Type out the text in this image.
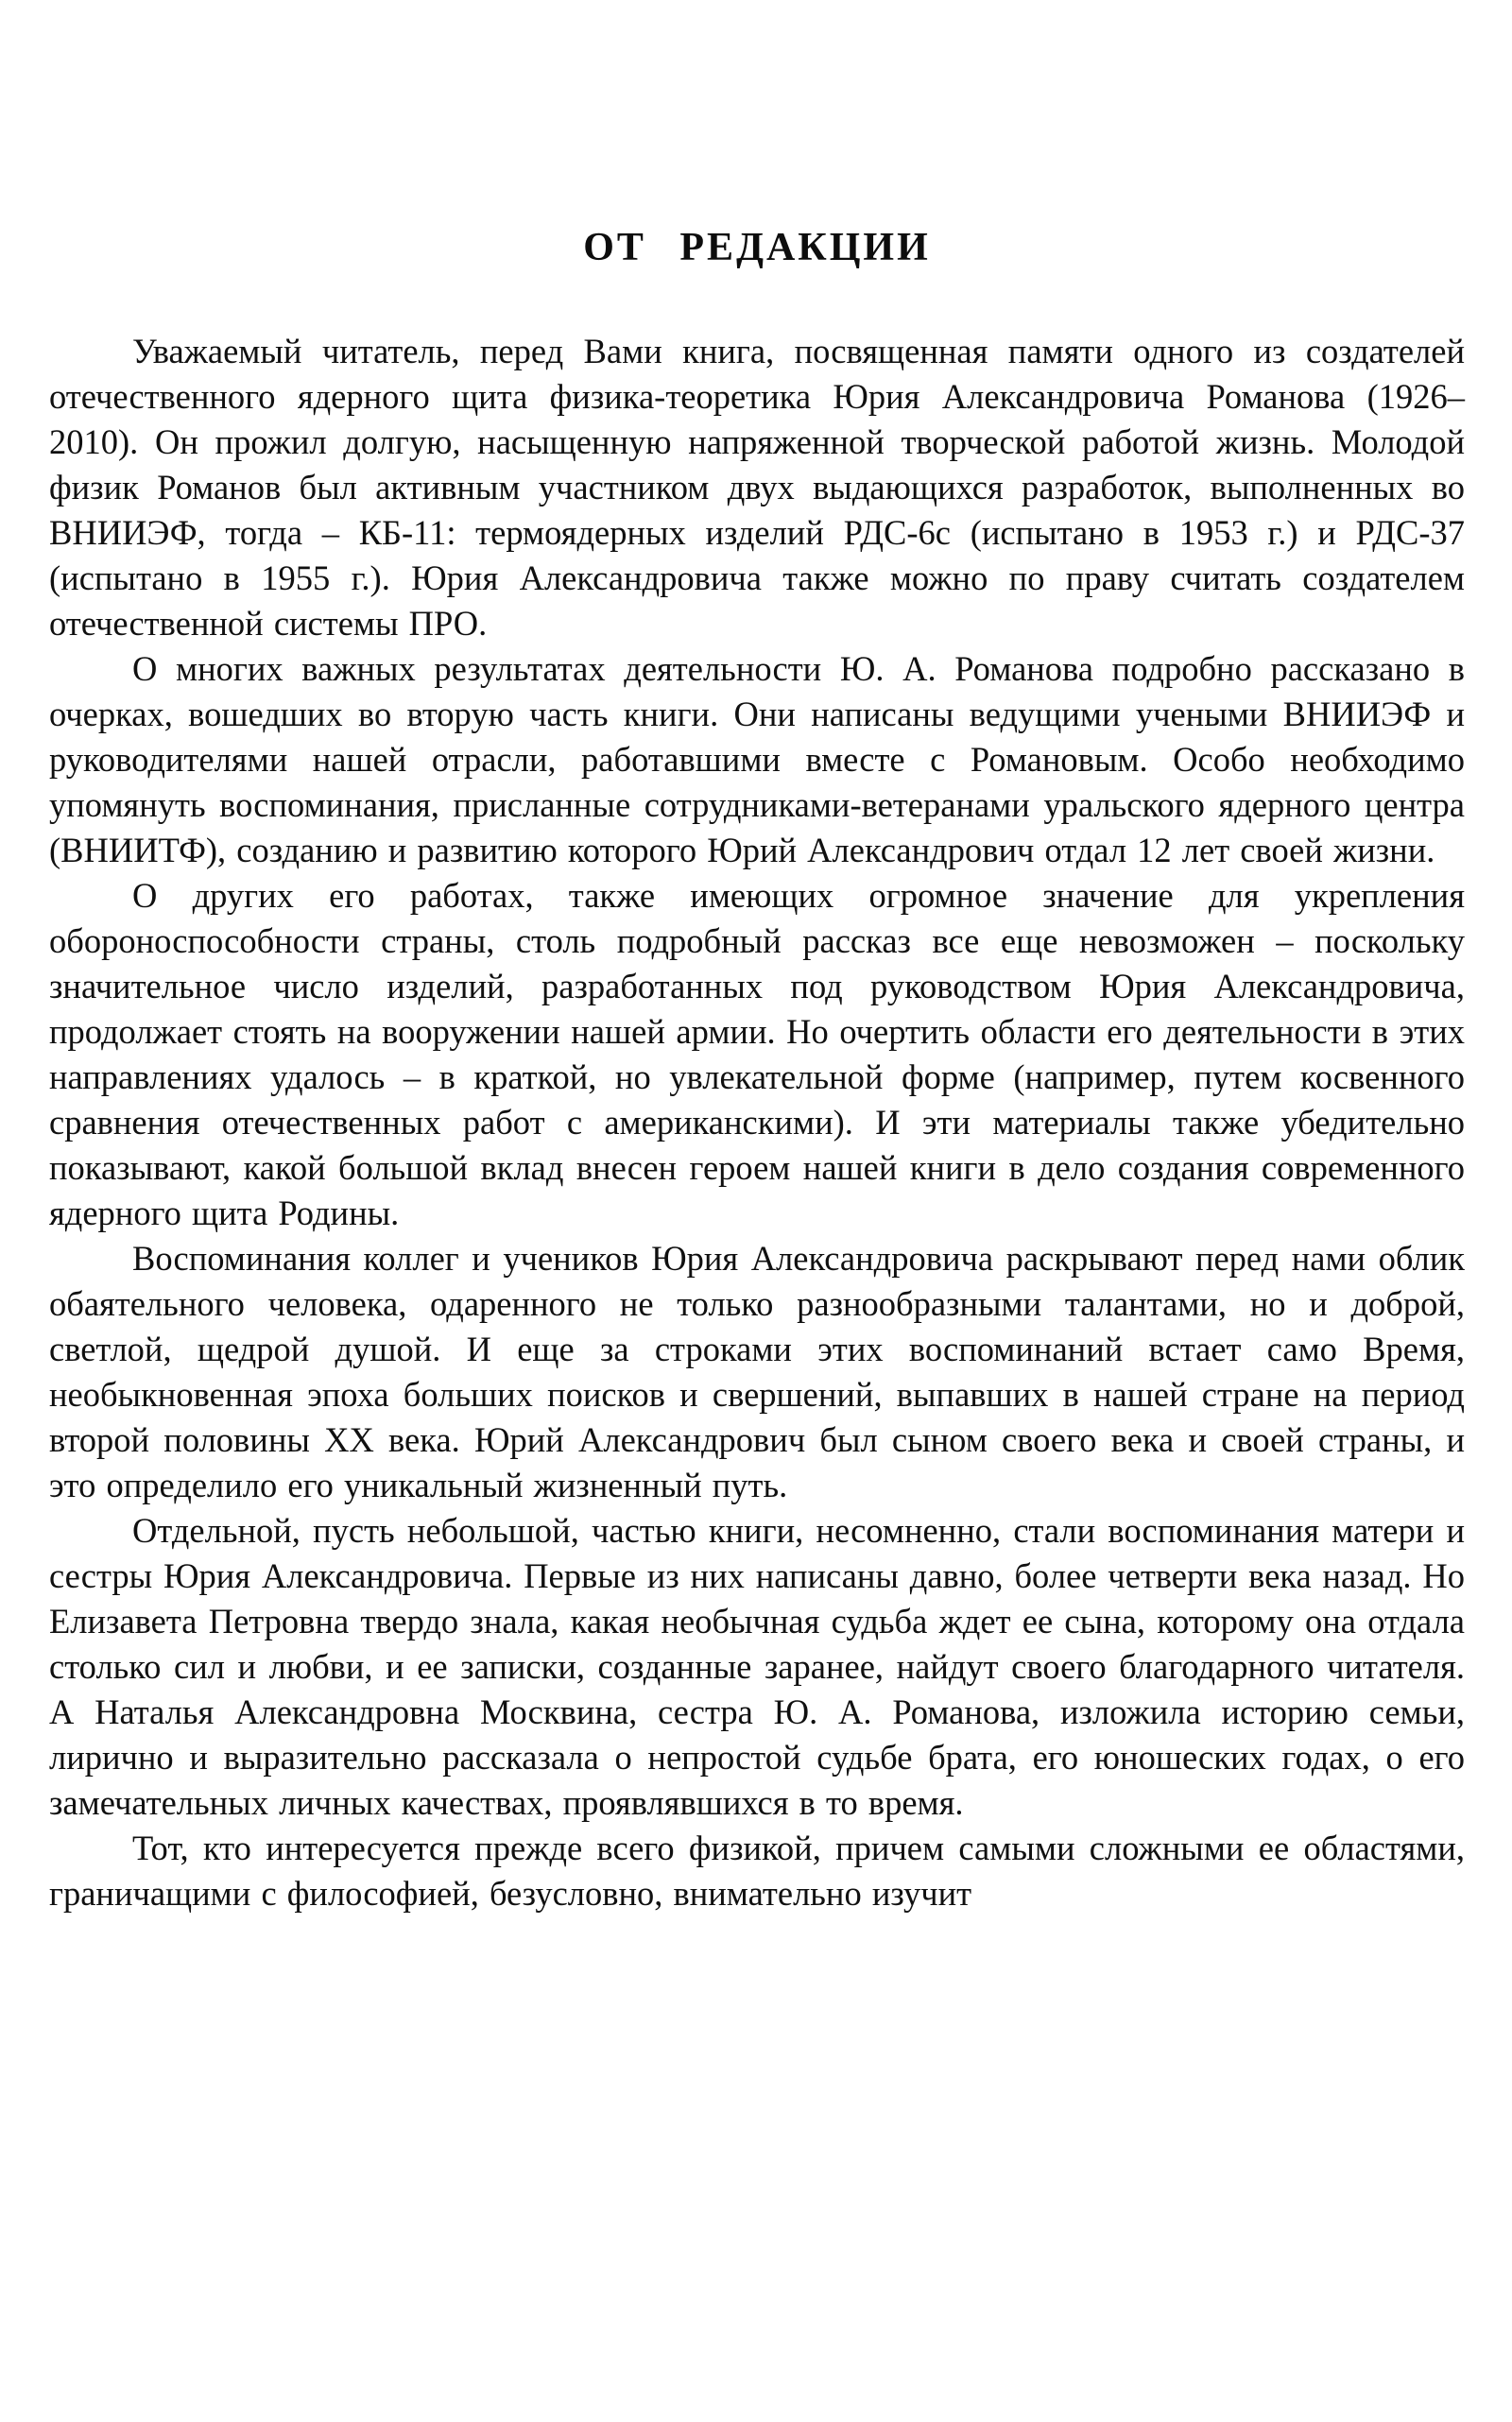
ОТ РЕДАКЦИИ

Уважаемый читатель, перед Вами книга, посвященная памяти одного из создателей отечественного ядерного щита физика-теоретика Юрия Александровича Романова (1926–2010). Он прожил долгую, насыщенную напряженной творческой работой жизнь. Молодой физик Романов был активным участником двух выдающихся разработок, выполненных во ВНИИЭФ, тогда – КБ-11: термоядерных изделий РДС-6с (испытано в 1953 г.) и РДС-37 (испытано в 1955 г.). Юрия Александровича также можно по праву считать создателем отечественной системы ПРО.

О многих важных результатах деятельности Ю. А. Романова подробно рассказано в очерках, вошедших во вторую часть книги. Они написаны ведущими учеными ВНИИЭФ и руководителями нашей отрасли, работавшими вместе с Романовым. Особо необходимо упомянуть воспоминания, присланные сотрудниками-ветеранами уральского ядерного центра (ВНИИТФ), созданию и развитию которого Юрий Александрович отдал 12 лет своей жизни.

О других его работах, также имеющих огромное значение для укрепления обороноспособности страны, столь подробный рассказ все еще невозможен – поскольку значительное число изделий, разработанных под руководством Юрия Александровича, продолжает стоять на вооружении нашей армии. Но очертить области его деятельности в этих направлениях удалось – в краткой, но увлекательной форме (например, путем косвенного сравнения отечественных работ с американскими). И эти материалы также убедительно показывают, какой большой вклад внесен героем нашей книги в дело создания современного ядерного щита Родины.

Воспоминания коллег и учеников Юрия Александровича раскрывают перед нами облик обаятельного человека, одаренного не только разнообразными талантами, но и доброй, светлой, щедрой душой. И еще за строками этих воспоминаний встает само Время, необыкновенная эпоха больших поисков и свершений, выпавших в нашей стране на период второй половины XX века. Юрий Александрович был сыном своего века и своей страны, и это определило его уникальный жизненный путь.

Отдельной, пусть небольшой, частью книги, несомненно, стали воспоминания матери и сестры Юрия Александровича. Первые из них написаны давно, более четверти века назад. Но Елизавета Петровна твердо знала, какая необычная судьба ждет ее сына, которому она отдала столько сил и любви, и ее записки, созданные заранее, найдут своего благодарного читателя. А Наталья Александровна Москвина, сестра Ю. А. Романова, изложила историю семьи, лирично и выразительно рассказала о непростой судьбе брата, его юношеских годах, о его замечательных личных качествах, проявлявшихся в то время.

Тот, кто интересуется прежде всего физикой, причем самыми сложными ее областями, граничащими с философией, безусловно, внимательно изучит
